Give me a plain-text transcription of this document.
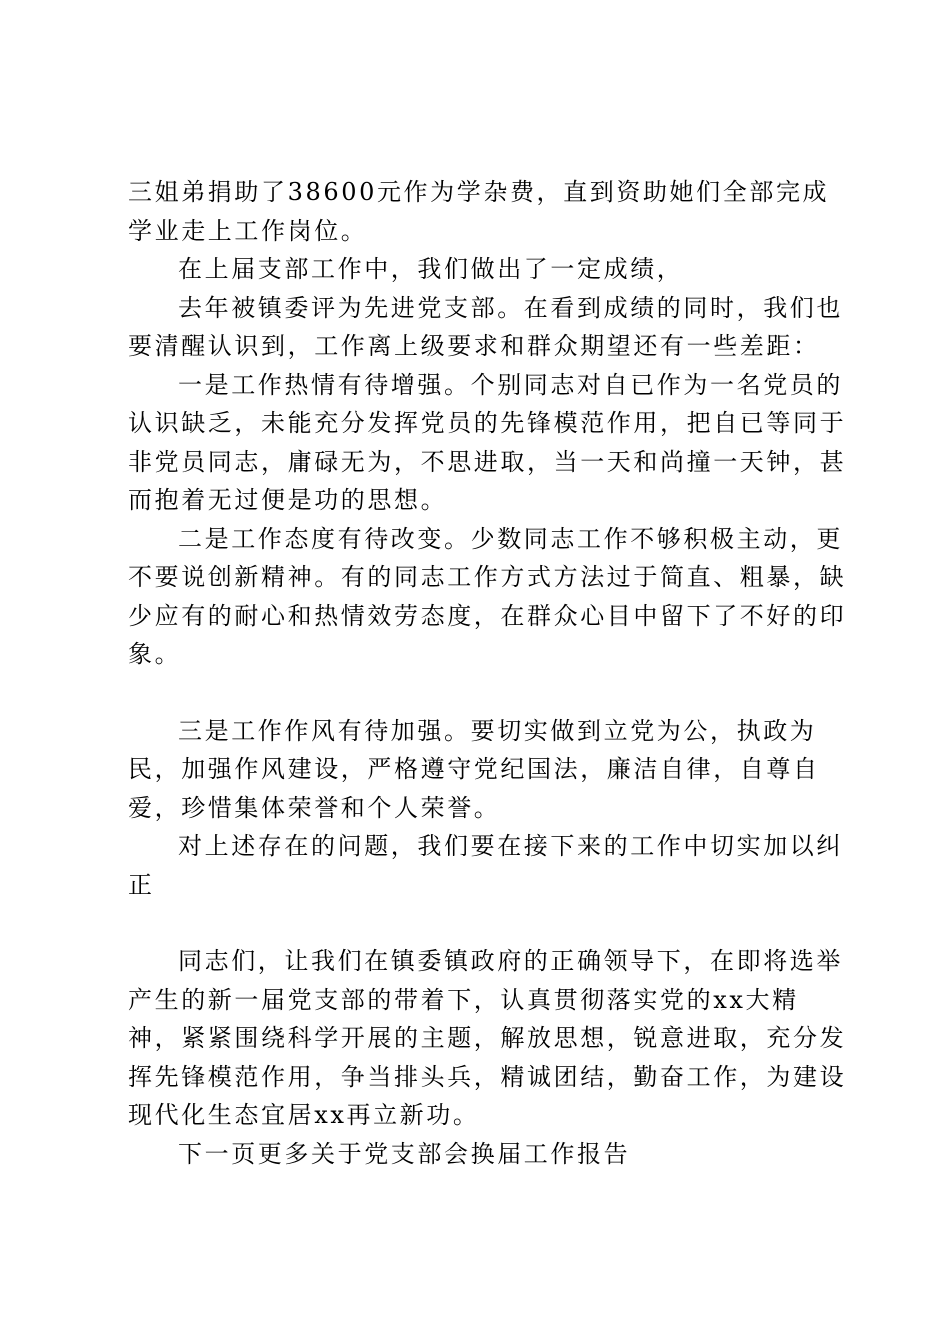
三姐弟捐助了38600元作为学杂费，直到资助她们全部完成学业走上工作岗位。

在上届支部工作中，我们做出了一定成绩，

去年被镇委评为先进党支部。在看到成绩的同时，我们也要清醒认识到，工作离上级要求和群众期望还有一些差距：

一是工作热情有待增强。个别同志对自已作为一名党员的认识缺乏，未能充分发挥党员的先锋模范作用，把自已等同于非党员同志，庸碌无为，不思进取，当一天和尚撞一天钟，甚而抱着无过便是功的思想。

二是工作态度有待改变。少数同志工作不够积极主动，更不要说创新精神。有的同志工作方式方法过于简直、粗暴，缺少应有的耐心和热情效劳态度，在群众心目中留下了不好的印象。

三是工作作风有待加强。要切实做到立党为公，执政为民，加强作风建设，严格遵守党纪国法，廉洁自律，自尊自爱，珍惜集体荣誉和个人荣誉。

对上述存在的问题，我们要在接下来的工作中切实加以纠正

同志们，让我们在镇委镇政府的正确领导下，在即将选举产生的新一届党支部的带着下，认真贯彻落实党的xx大精神，紧紧围绕科学开展的主题，解放思想，锐意进取，充分发挥先锋模范作用，争当排头兵，精诚团结，勤奋工作，为建设现代化生态宜居xx再立新功。

下一页更多关于党支部会换届工作报告
